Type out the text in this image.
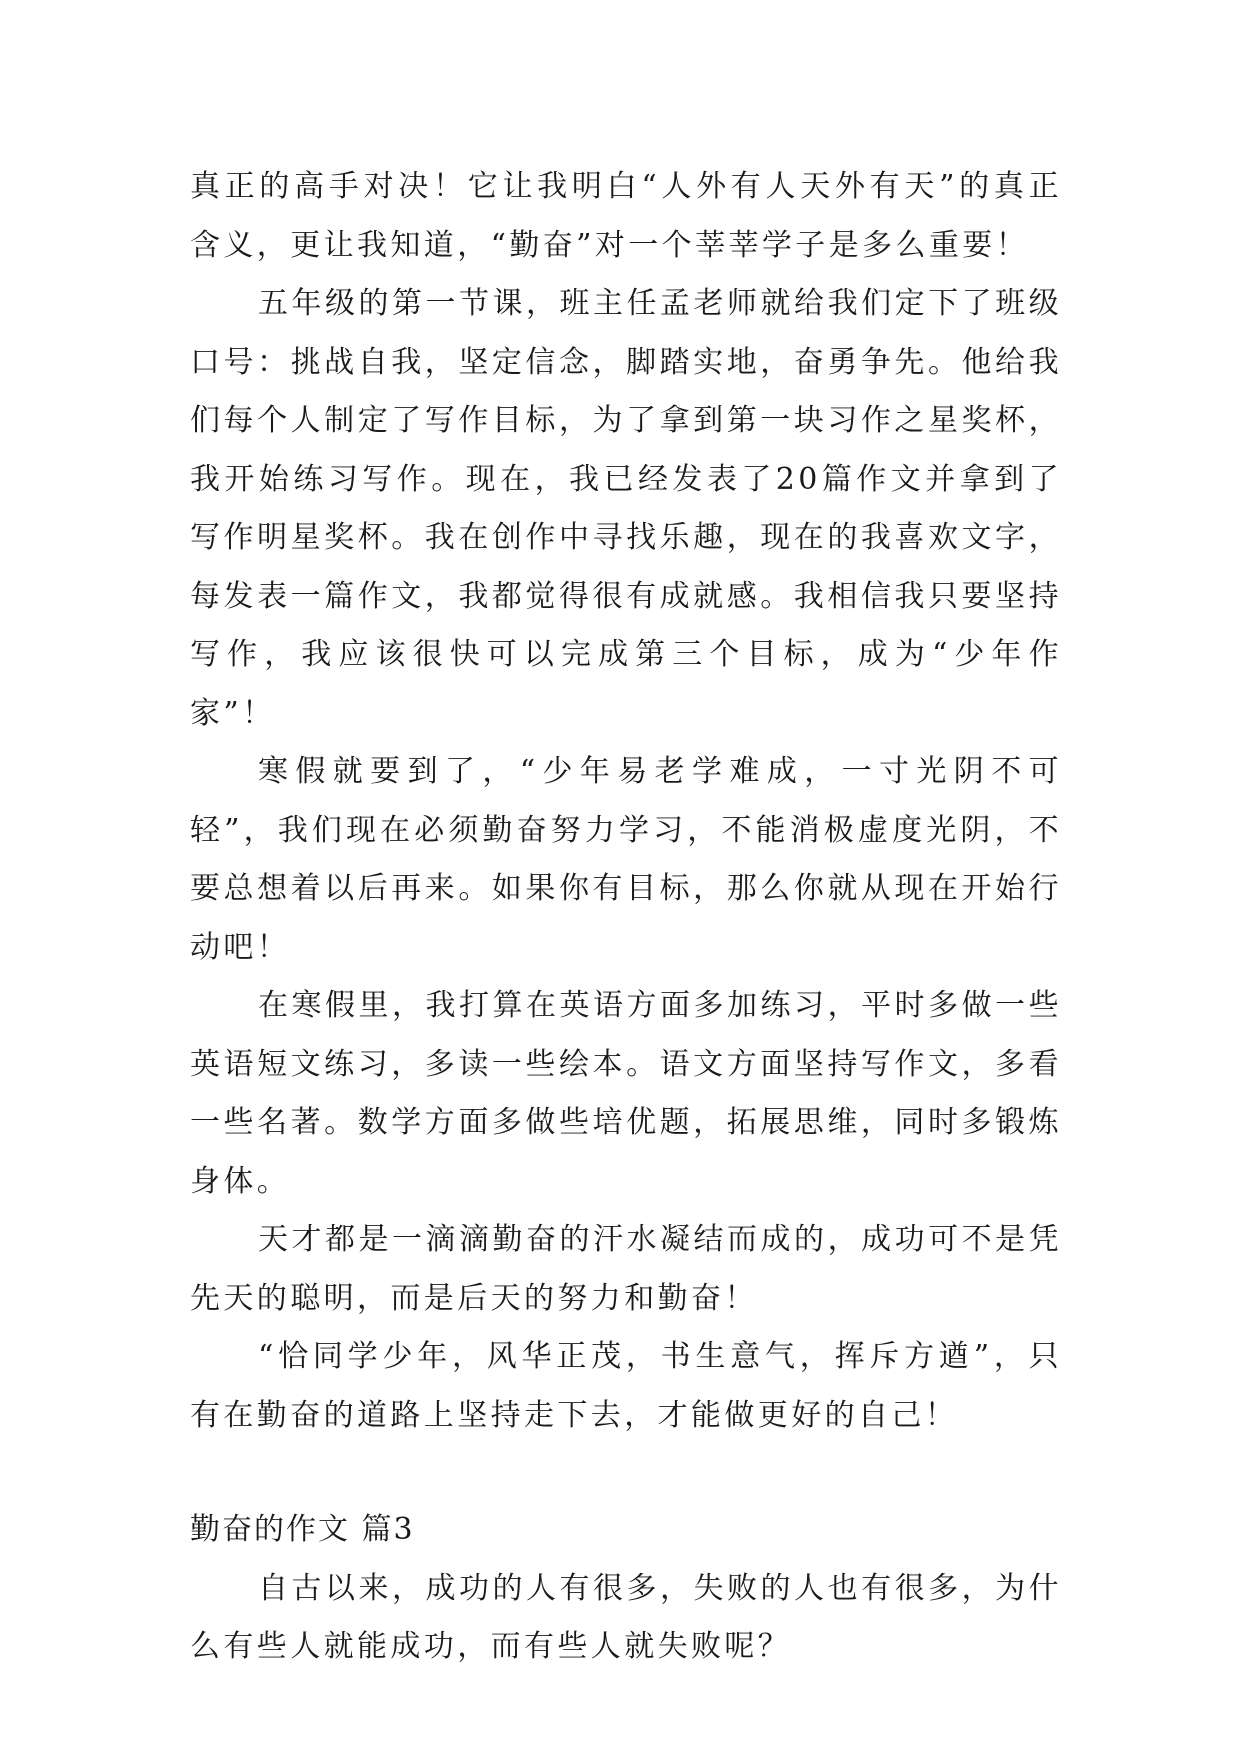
真正的高手对决！它让我明白“人外有人天外有天”的真正含义，更让我知道，“勤奋”对一个莘莘学子是多么重要！

五年级的第一节课，班主任孟老师就给我们定下了班级口号：挑战自我，坚定信念，脚踏实地，奋勇争先。他给我们每个人制定了写作目标，为了拿到第一块习作之星奖杯，我开始练习写作。现在，我已经发表了20篇作文并拿到了写作明星奖杯。我在创作中寻找乐趣，现在的我喜欢文字，每发表一篇作文，我都觉得很有成就感。我相信我只要坚持写作，我应该很快可以完成第三个目标，成为“少年作家”！

寒假就要到了，“少年易老学难成，一寸光阴不可轻”，我们现在必须勤奋努力学习，不能消极虚度光阴，不要总想着以后再来。如果你有目标，那么你就从现在开始行动吧！

在寒假里，我打算在英语方面多加练习，平时多做一些英语短文练习，多读一些绘本。语文方面坚持写作文，多看一些名著。数学方面多做些培优题，拓展思维，同时多锻炼身体。

天才都是一滴滴勤奋的汗水凝结而成的，成功可不是凭先天的聪明，而是后天的努力和勤奋！

“恰同学少年，风华正茂，书生意气，挥斥方遒”，只有在勤奋的道路上坚持走下去，才能做更好的自己！

勤奋的作文 篇3

自古以来，成功的人有很多，失败的人也有很多，为什么有些人就能成功，而有些人就失败呢？
